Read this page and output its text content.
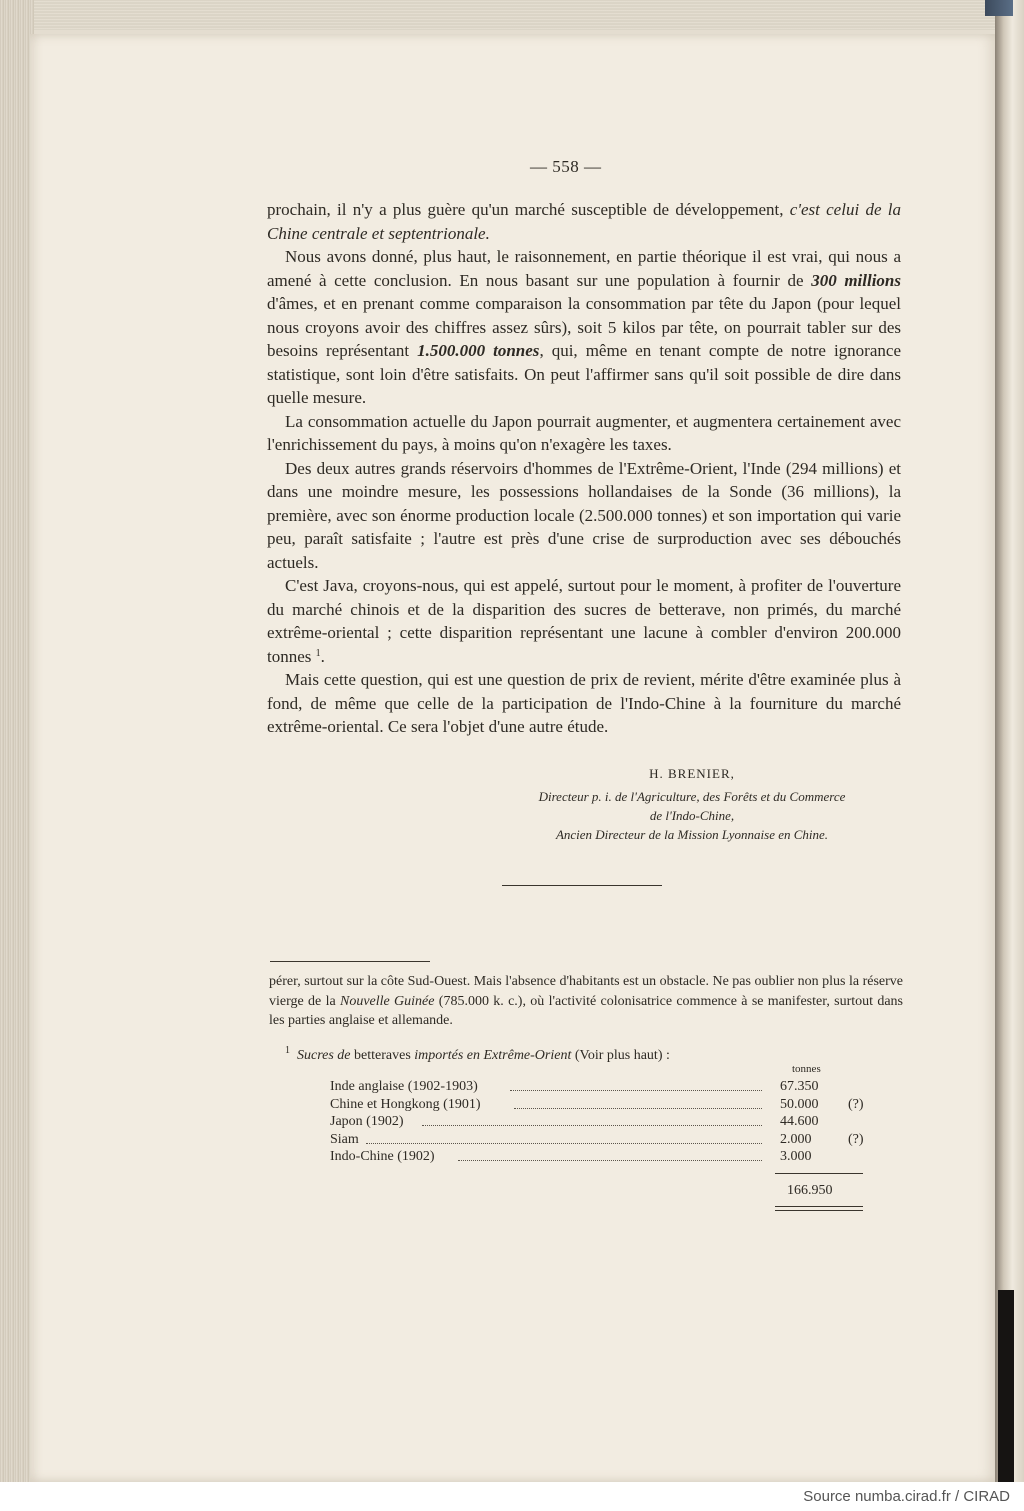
— 558 —

prochain, il n'y a plus guère qu'un marché susceptible de développement, c'est celui de la Chine centrale et septentrionale.

Nous avons donné, plus haut, le raisonnement, en partie théorique il est vrai, qui nous a amené à cette conclusion. En nous basant sur une population à fournir de 300 millions d'âmes, et en prenant comme comparaison la consommation par tête du Japon (pour lequel nous croyons avoir des chiffres assez sûrs), soit 5 kilos par tête, on pourrait tabler sur des besoins représentant 1.500.000 tonnes, qui, même en tenant compte de notre ignorance statistique, sont loin d'être satisfaits. On peut l'affirmer sans qu'il soit possible de dire dans quelle mesure.

La consommation actuelle du Japon pourrait augmenter, et augmentera certainement avec l'enrichissement du pays, à moins qu'on n'exagère les taxes.

Des deux autres grands réservoirs d'hommes de l'Extrême-Orient, l'Inde (294 millions) et dans une moindre mesure, les possessions hollandaises de la Sonde (36 millions), la première, avec son énorme production locale (2.500.000 tonnes) et son importation qui varie peu, paraît satisfaite ; l'autre est près d'une crise de surproduction avec ses débouchés actuels.

C'est Java, croyons-nous, qui est appelé, surtout pour le moment, à profiter de l'ouverture du marché chinois et de la disparition des sucres de betterave, non primés, du marché extrême-oriental ; cette disparition représentant une lacune à combler d'environ 200.000 tonnes $^1$.

Mais cette question, qui est une question de prix de revient, mérite d'être examinée plus à fond, de même que celle de la participation de l'Indo-Chine à la fourniture du marché extrême-oriental. Ce sera l'objet d'une autre étude.

H. BRENIER,
Directeur p. i. de l'Agriculture, des Forêts et du Commerce
de l'Indo-Chine,
Ancien Directeur de la Mission Lyonnaise en Chine.

pérer, surtout sur la côte Sud-Ouest. Mais l'absence d'habitants est un obstacle. Ne pas oublier non plus la réserve vierge de la Nouvelle Guinée (785.000 k. c.), où l'activité colonisatrice commence à se manifester, surtout dans les parties anglaise et allemande.

$^1$ Sucres de betteraves importés en Extrême-Orient (Voir plus haut) :

tonnes
Inde anglaise (1902-1903)	67.350
Chine et Hongkong (1901)	50.000 (?)
Japon (1902)	44.600
Siam	2.000	(?)
Indo-Chine (1902)	3.000
166.950
Source numba.cirad.fr / CIRAD
